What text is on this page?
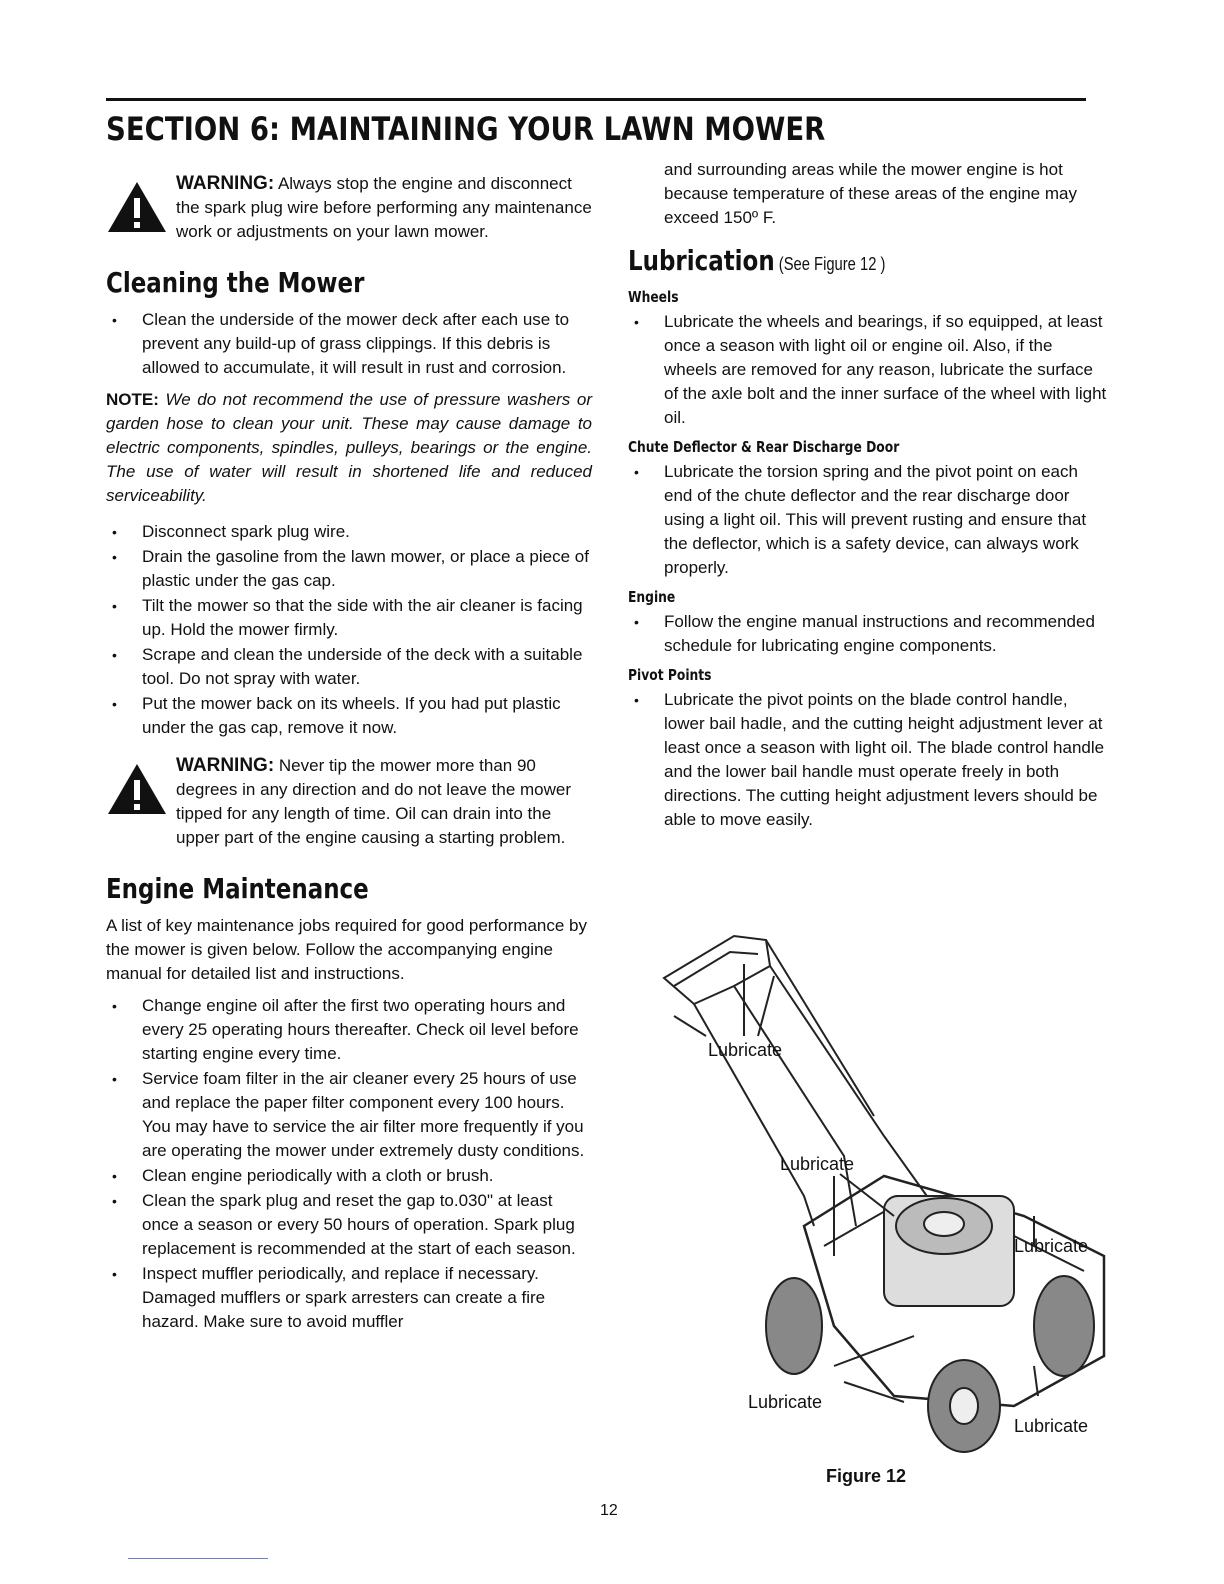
SECTION 6: MAINTAINING YOUR LAWN MOWER
WARNING: Always stop the engine and disconnect the spark plug wire before performing any maintenance work or adjustments on your lawn mower.
Cleaning the Mower
• Clean the underside of the mower deck after each use to prevent any build-up of grass clippings. If this debris is allowed to accumulate, it will result in rust and corrosion.

NOTE: We do not recommend the use of pressure washers or garden hose to clean your unit. These may cause damage to electric components, spindles, pulleys, bearings or the engine. The use of water will result in shortened life and reduced serviceability.

• Disconnect spark plug wire.
• Drain the gasoline from the lawn mower, or place a piece of plastic under the gas cap.
• Tilt the mower so that the side with the air cleaner is facing up. Hold the mower firmly.
• Scrape and clean the underside of the deck with a suitable tool. Do not spray with water.
• Put the mower back on its wheels. If you had put plastic under the gas cap, remove it now.
WARNING: Never tip the mower more than 90 degrees in any direction and do not leave the mower tipped for any length of time. Oil can drain into the upper part of the engine causing a starting problem.
Engine Maintenance

A list of key maintenance jobs required for good performance by the mower is given below. Follow the accompanying engine manual for detailed list and instructions.

• Change engine oil after the first two operating hours and every 25 operating hours thereafter. Check oil level before starting engine every time.
• Service foam filter in the air cleaner every 25 hours of use and replace the paper filter component every 100 hours. You may have to service the air filter more frequently if you are operating the mower under extremely dusty conditions.
• Clean engine periodically with a cloth or brush.
• Clean the spark plug and reset the gap to.030" at least once a season or every 50 hours of operation. Spark plug replacement is recommended at the start of each season.
• Inspect muffler periodically, and replace if necessary. Damaged mufflers or spark arresters can create a fire hazard. Make sure to avoid muffler

and surrounding areas while the mower engine is hot because temperature of these areas of the engine may exceed 150º F.

Lubrication (See Figure 12 )
Wheels
• Lubricate the wheels and bearings, if so equipped, at least once a season with light oil or engine oil. Also, if the wheels are removed for any reason, lubricate the surface of the axle bolt and the inner surface of the wheel with light oil.
Chute Deflector & Rear Discharge Door
• Lubricate the torsion spring and the pivot point on each end of the chute deflector and the rear discharge door using a light oil. This will prevent rusting and ensure that the deflector, which is a safety device, can always work properly.
Engine
• Follow the engine manual instructions and recommended schedule for lubricating engine components.
Pivot Points
• Lubricate the pivot points on the blade control handle, lower bail hadle, and the cutting height adjustment lever at least once a season with light oil. The blade control handle and the lower bail handle must operate freely in both directions. The cutting height adjustment levers should be able to move easily.
Lubricate
Lubricate
Lubricate
Lubricate
Lubricate
Figure 12
12
